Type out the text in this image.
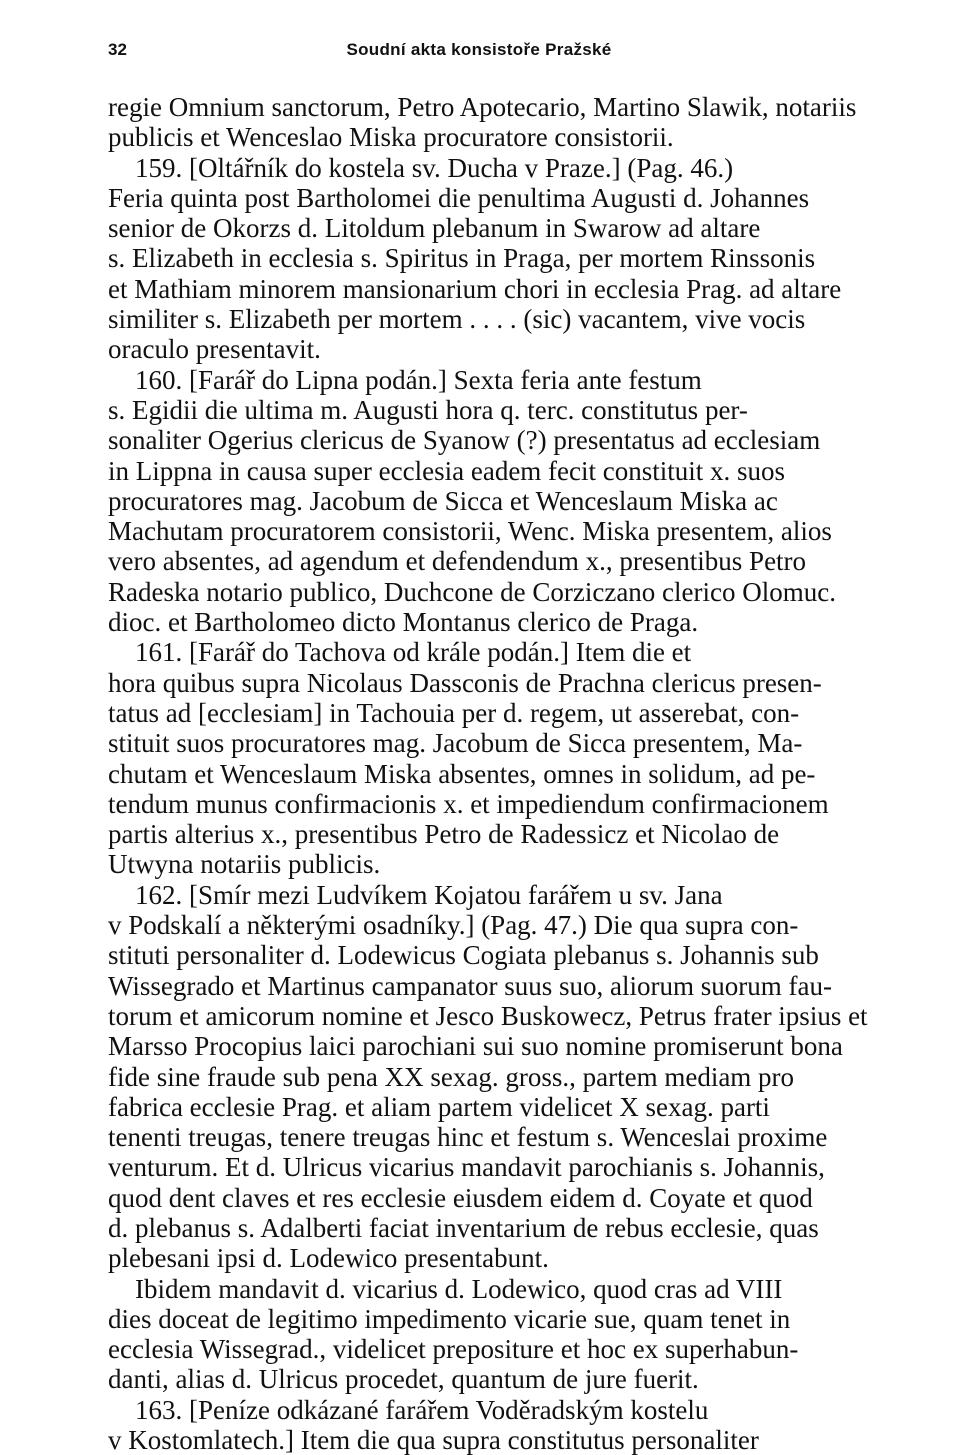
32	Soudní akta konsistoře Pražské
regie Omnium sanctorum, Petro Apotecario, Martino Slawik, notariis
publicis et Wenceslao Miska procuratore consistorii.
159. [Oltářník do kostela sv. Ducha v Praze.] (Pag. 46.)
Feria quinta post Bartholomei die penultima Augusti d. Johannes
senior de Okorzs d. Litoldum plebanum in Swarow ad altare
s. Elizabeth in ecclesia s. Spiritus in Praga, per mortem Rinssonis
et Mathiam minorem mansionarium chori in ecclesia Prag. ad altare
similiter s. Elizabeth per mortem . . . . (sic) vacantem, vive vocis
oraculo presentavit.
160. [Farář do Lipna podán.] Sexta feria ante festum
s. Egidii die ultima m. Augusti hora q. terc. constitutus per-
sonaliter Ogerius clericus de Syanow (?) presentatus ad ecclesiam
in Lippna in causa super ecclesia eadem fecit constituit x. suos
procuratores mag. Jacobum de Sicca et Wenceslaum Miska ac
Machutam procuratorem consistorii, Wenc. Miska presentem, alios
vero absentes, ad agendum et defendendum x., presentibus Petro
Radeska notario publico, Duchcone de Corziczano clerico Olomuc.
dioc. et Bartholomeo dicto Montanus clerico de Praga.
161. [Farář do Tachova od krále podán.] Item die et
hora quibus supra Nicolaus Dassconis de Prachna clericus presen-
tatus ad [ecclesiam] in Tachouia per d. regem, ut asserebat, con-
stituit suos procuratores mag. Jacobum de Sicca presentem, Ma-
chutam et Wenceslaum Miska absentes, omnes in solidum, ad pe-
tendum munus confirmacionis x. et impediendum confirmacionem
partis alterius x., presentibus Petro de Radessicz et Nicolao de
Utwyna notariis publicis.
162. [Smír mezi Ludvíkem Kojatou farářem u sv. Jana
v Podskalí a některými osadníky.] (Pag. 47.) Die qua supra con-
stituti personaliter d. Lodewicus Cogiata plebanus s. Johannis sub
Wissegrado et Martinus campanator suus suo, aliorum suorum fau-
torum et amicorum nomine et Jesco Buskowecz, Petrus frater ipsius et
Marsso Procopius laici parochiani sui suo nomine promiserunt bona
fide sine fraude sub pena XX sexag. gross., partem mediam pro
fabrica ecclesie Prag. et aliam partem videlicet X sexag. parti
tenenti treugas, tenere treugas hinc et festum s. Wenceslai proxime
venturum. Et d. Ulricus vicarius mandavit parochianis s. Johannis,
quod dent claves et res ecclesie eiusdem eidem d. Coyate et quod
d. plebanus s. Adalberti faciat inventarium de rebus ecclesie, quas
plebesani ipsi d. Lodewico presentabunt.
Ibidem mandavit d. vicarius d. Lodewico, quod cras ad VIII
dies doceat de legitimo impedimento vicarie sue, quam tenet in
ecclesia Wissegrad., videlicet prepositure et hoc ex superhabun-
danti, alias d. Ulricus procedet, quantum de jure fuerit.
163. [Peníze odkázané farářem Voděradským kostelu
v Kostomlatech.] Item die qua supra constitutus personaliter
